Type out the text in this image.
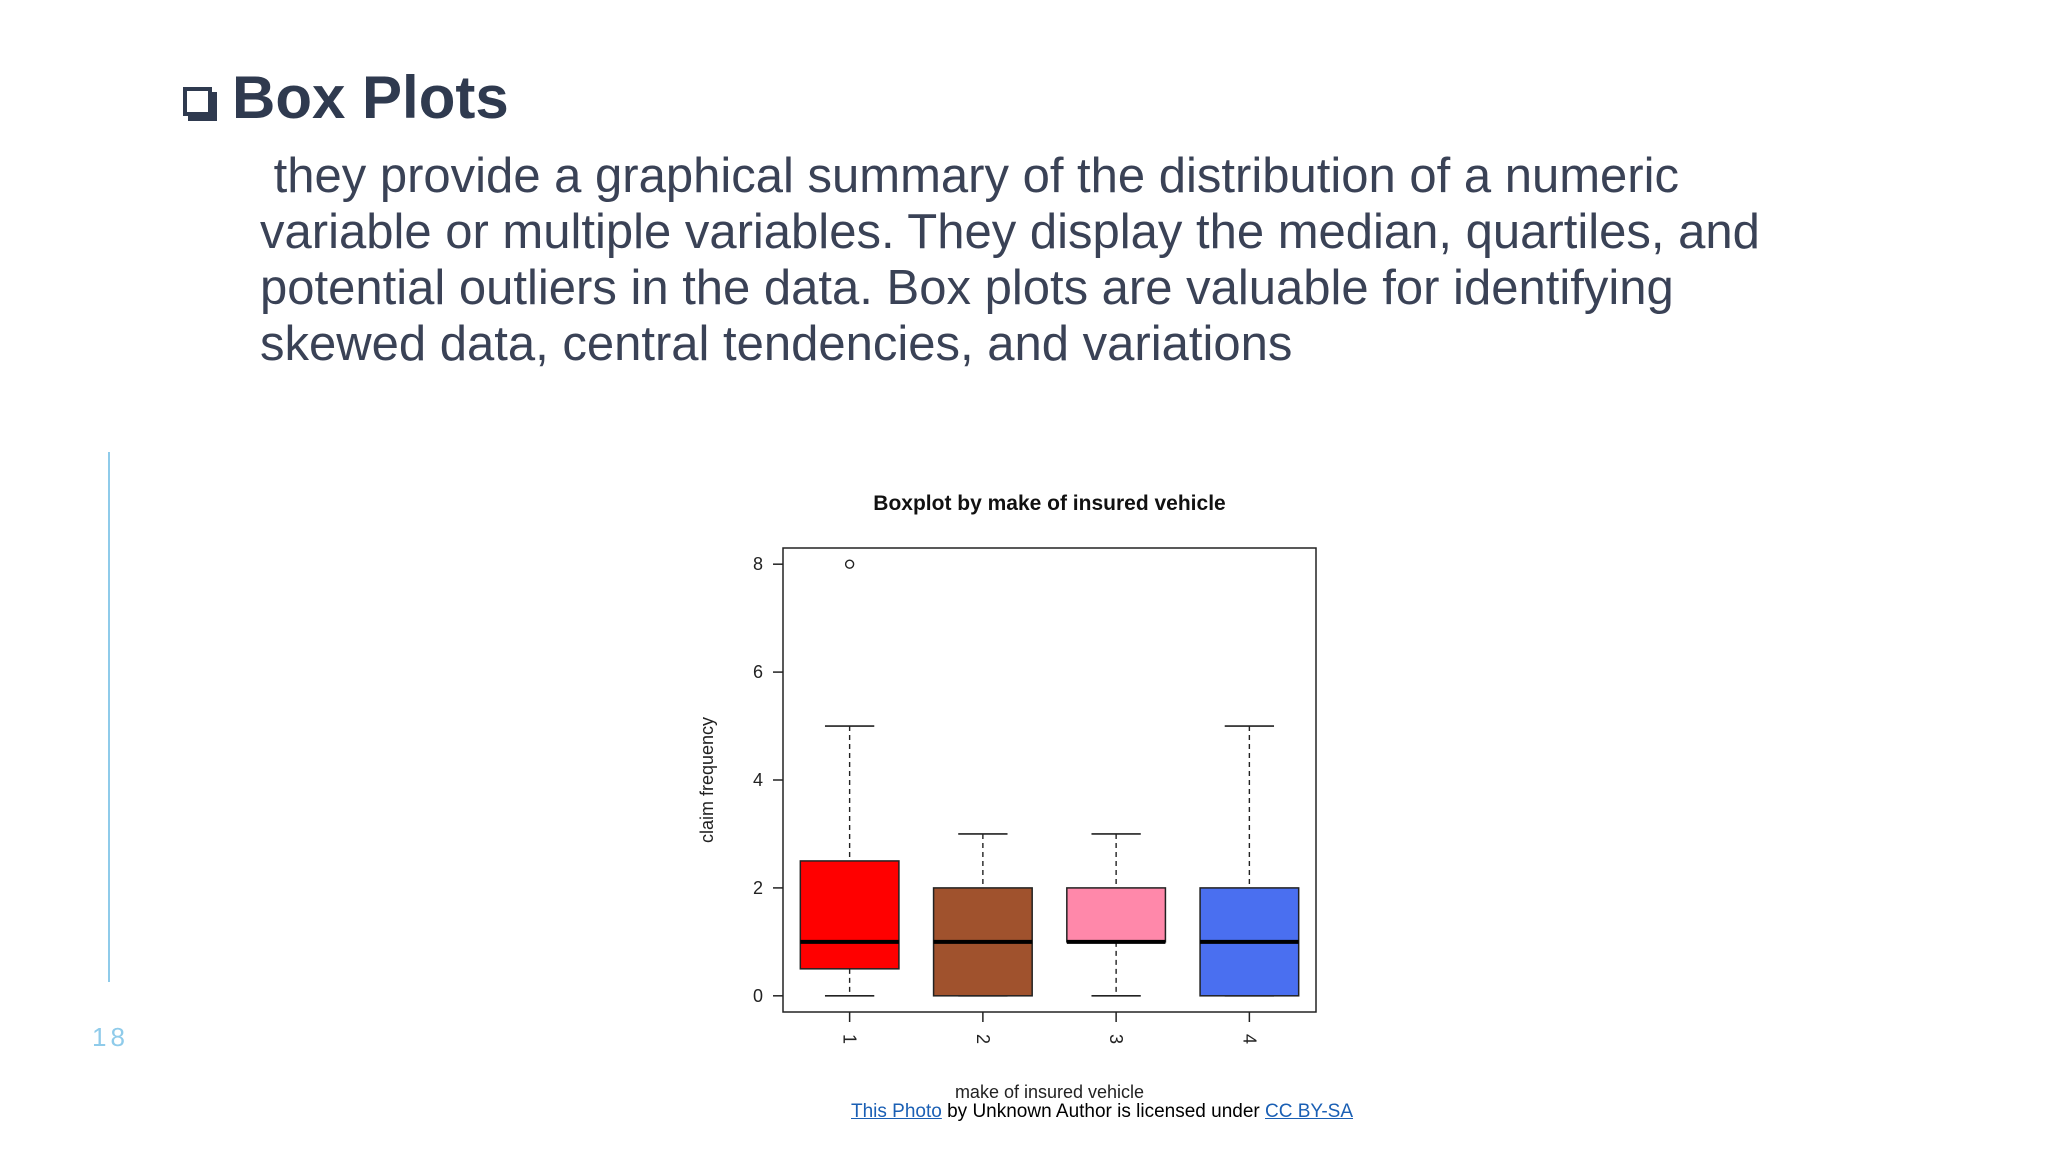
Box Plots
they provide a graphical summary of the distribution of a numeric
variable or multiple variables. They display the median, quartiles, and
potential outliers in the data. Box plots are valuable for identifying
skewed data, central tendencies, and variations
18
Boxplot by make of insured vehicle
0
2
4
6
8
claim frequency
1	2	3	4
make of insured vehicle
This Photo by Unknown Author is licensed under CC BY-SA
